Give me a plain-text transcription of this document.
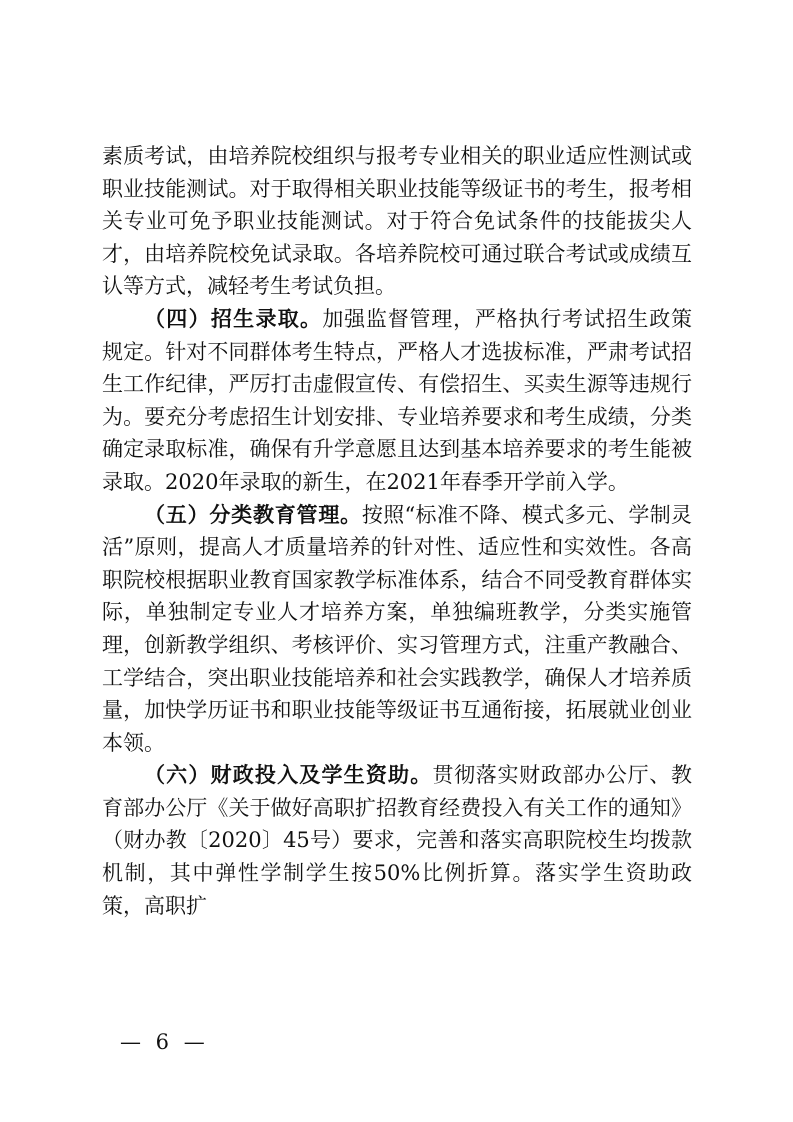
素质考试，由培养院校组织与报考专业相关的职业适应性测试或职业技能测试。对于取得相关职业技能等级证书的考生，报考相关专业可免予职业技能测试。对于符合免试条件的技能拔尖人才，由培养院校免试录取。各培养院校可通过联合考试或成绩互认等方式，减轻考生考试负担。

（四）招生录取。加强监督管理，严格执行考试招生政策规定。针对不同群体考生特点，严格人才选拔标准，严肃考试招生工作纪律，严厉打击虚假宣传、有偿招生、买卖生源等违规行为。要充分考虑招生计划安排、专业培养要求和考生成绩，分类确定录取标准，确保有升学意愿且达到基本培养要求的考生能被录取。2020年录取的新生，在2021年春季开学前入学。

（五）分类教育管理。按照“标准不降、模式多元、学制灵活”原则，提高人才质量培养的针对性、适应性和实效性。各高职院校根据职业教育国家教学标准体系，结合不同受教育群体实际，单独制定专业人才培养方案，单独编班教学，分类实施管理，创新教学组织、考核评价、实习管理方式，注重产教融合、工学结合，突出职业技能培养和社会实践教学，确保人才培养质量，加快学历证书和职业技能等级证书互通衔接，拓展就业创业本领。

（六）财政投入及学生资助。贯彻落实财政部办公厅、教育部办公厅《关于做好高职扩招教育经费投入有关工作的通知》（财办教〔2020〕45号）要求，完善和落实高职院校生均拨款机制，其中弹性学制学生按50%比例折算。落实学生资助政策，高职扩

— 6 —
